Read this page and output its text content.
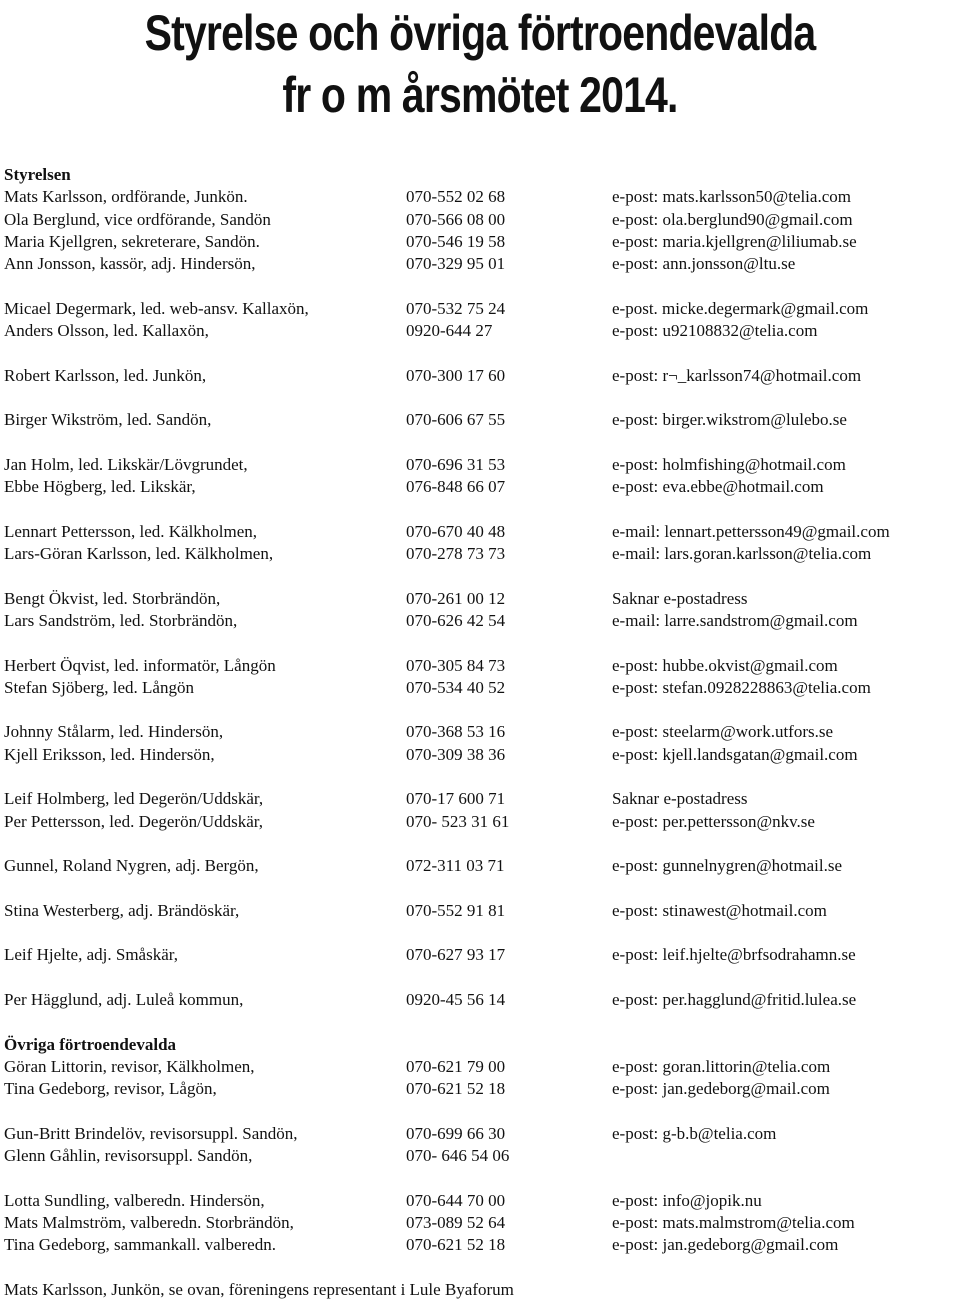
Styrelse och övriga förtroendevalda
fr o m årsmötet 2014.
Styrelsen
Mats Karlsson, ordförande, Junkön.	070-552 02 68	e-post: mats.karlsson50@telia.com
Ola Berglund, vice ordförande, Sandön	070-566 08 00	e-post: ola.berglund90@gmail.com
Maria Kjellgren, sekreterare, Sandön.	070-546 19 58	e-post: maria.kjellgren@liliumab.se
Ann Jonsson, kassör, adj. Hindersön,	070-329 95 01	e-post: ann.jonsson@ltu.se
Micael Degermark, led. web-ansv. Kallaxön,	070-532 75 24	e-post. micke.degermark@gmail.com
Anders Olsson, led. Kallaxön,	0920-644 27	e-post: u92108832@telia.com
Robert Karlsson, led. Junkön,	070-300 17 60	e-post: r¬_karlsson74@hotmail.com
Birger Wikström, led. Sandön,	070-606 67 55	e-post: birger.wikstrom@lulebo.se
Jan Holm, led. Likskär/Lövgrundet,	070-696 31 53	e-post: holmfishing@hotmail.com
Ebbe Högberg, led. Likskär,	076-848 66 07	e-post: eva.ebbe@hotmail.com
Lennart Pettersson, led. Kälkholmen,	070-670 40 48	e-mail: lennart.pettersson49@gmail.com
Lars-Göran Karlsson, led. Kälkholmen,	070-278 73 73	e-mail: lars.goran.karlsson@telia.com
Bengt Ökvist, led. Storbrändön,	070-261 00 12	Saknar e-postadress
Lars Sandström, led. Storbrändön,	070-626 42 54	e-mail: larre.sandstrom@gmail.com
Herbert Öqvist, led. informatör, Långön	070-305 84 73	e-post: hubbe.okvist@gmail.com
Stefan Sjöberg, led. Långön	070-534 40 52	e-post: stefan.0928228863@telia.com
Johnny Stålarm, led. Hindersön,	070-368 53 16	e-post: steelarm@work.utfors.se
Kjell Eriksson, led. Hindersön,	070-309 38 36	e-post: kjell.landsgatan@gmail.com
Leif Holmberg, led Degerön/Uddskär,	070-17 600 71	Saknar e-postadress
Per Pettersson, led. Degerön/Uddskär,	070- 523 31 61	e-post: per.pettersson@nkv.se
Gunnel, Roland Nygren, adj. Bergön,	072-311 03 71	e-post: gunnelnygren@hotmail.se
Stina Westerberg, adj. Brändöskär,	070-552 91 81	e-post: stinawest@hotmail.com
Leif Hjelte, adj. Småskär,	070-627 93 17	e-post: leif.hjelte@brfsodrahamn.se
Per Hägglund, adj. Luleå kommun,	0920-45 56 14	e-post: per.hagglund@fritid.lulea.se
Övriga förtroendevalda
Göran Littorin, revisor, Kälkholmen,	070-621 79 00	e-post: goran.littorin@telia.com
Tina Gedeborg, revisor, Lågön,	070-621 52 18	e-post: jan.gedeborg@mail.com
Gun-Britt Brindelöv, revisorsuppl. Sandön,	070-699 66 30	e-post: g-b.b@telia.com
Glenn Gåhlin, revisorsuppl. Sandön,	070- 646 54 06
Lotta Sundling, valberedn. Hindersön,	070-644 70 00	e-post: info@jopik.nu
Mats Malmström, valberedn. Storbrändön,	073-089 52 64	e-post: mats.malmstrom@telia.com
Tina Gedeborg, sammankall. valberedn.	070-621 52 18	e-post: jan.gedeborg@gmail.com
Mats Karlsson, Junkön, se ovan, föreningens representant i Lule Byaforum
